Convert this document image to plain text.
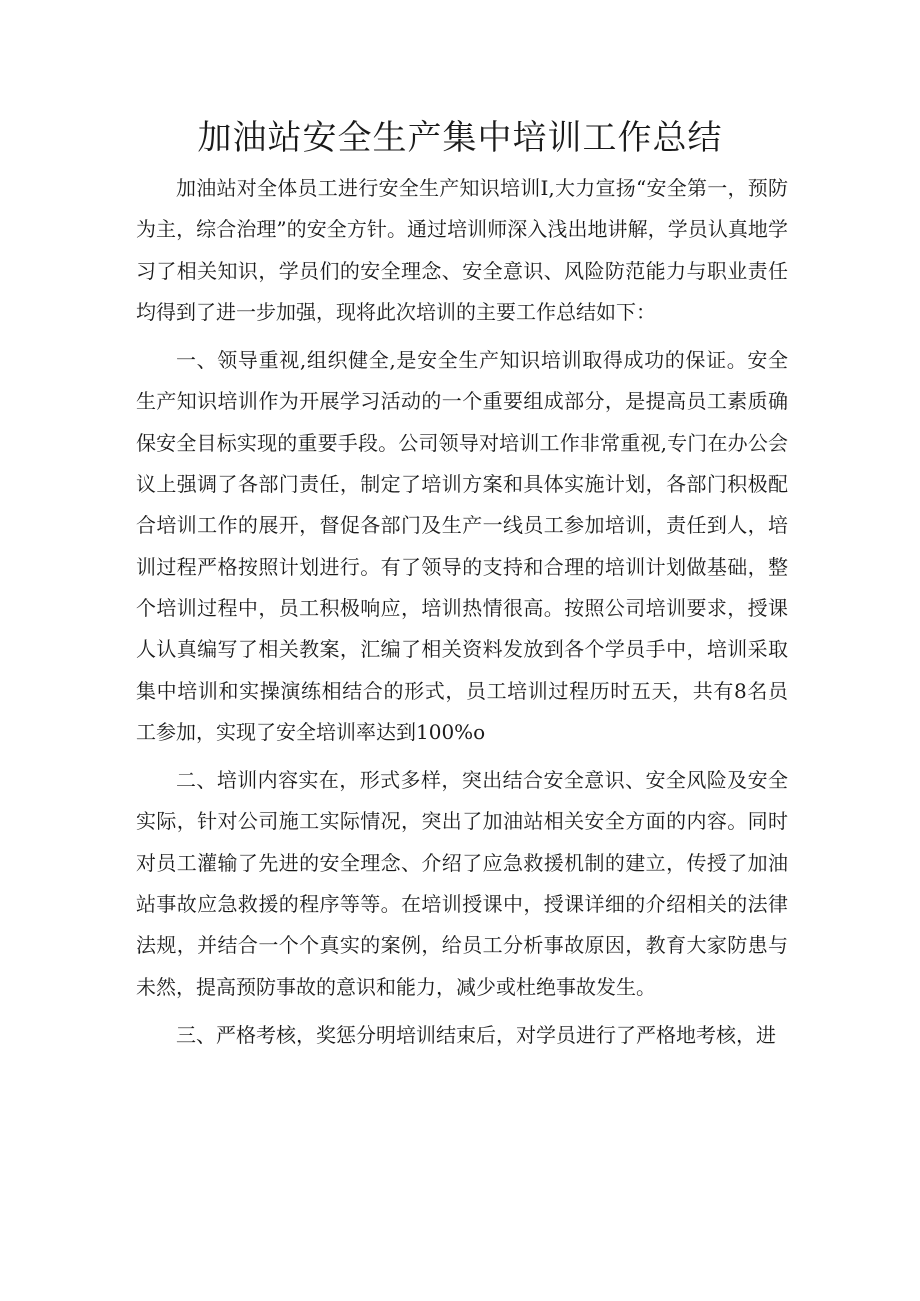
加油站安全生产集中培训工作总结

加油站对全体员工进行安全生产知识培训I,大力宣扬“安全第一，预防为主，综合治理”的安全方针。通过培训师深入浅出地讲解，学员认真地学习了相关知识，学员们的安全理念、安全意识、风险防范能力与职业责任均得到了进一步加强，现将此次培训的主要工作总结如下：

一、领导重视,组织健全,是安全生产知识培训取得成功的保证。安全生产知识培训作为开展学习活动的一个重要组成部分，是提高员工素质确保安全目标实现的重要手段。公司领导对培训工作非常重视,专门在办公会议上强调了各部门责任，制定了培训方案和具体实施计划，各部门积极配合培训工作的展开，督促各部门及生产一线员工参加培训，责任到人，培训过程严格按照计划进行。有了领导的支持和合理的培训计划做基础，整个培训过程中，员工积极响应，培训热情很高。按照公司培训要求，授课人认真编写了相关教案，汇编了相关资料发放到各个学员手中，培训采取集中培训和实操演练相结合的形式，员工培训过程历时五天，共有8名员工参加，实现了安全培训率达到100%o

二、培训内容实在，形式多样，突出结合安全意识、安全风险及安全实际，针对公司施工实际情况，突出了加油站相关安全方面的内容。同时对员工灌输了先进的安全理念、介绍了应急救援机制的建立，传授了加油站事故应急救援的程序等等。在培训授课中，授课详细的介绍相关的法律法规，并结合一个个真实的案例，给员工分析事故原因，教育大家防患与未然，提高预防事故的意识和能力，减少或杜绝事故发生。

三、严格考核，奖惩分明培训结束后，对学员进行了严格地考核，进
